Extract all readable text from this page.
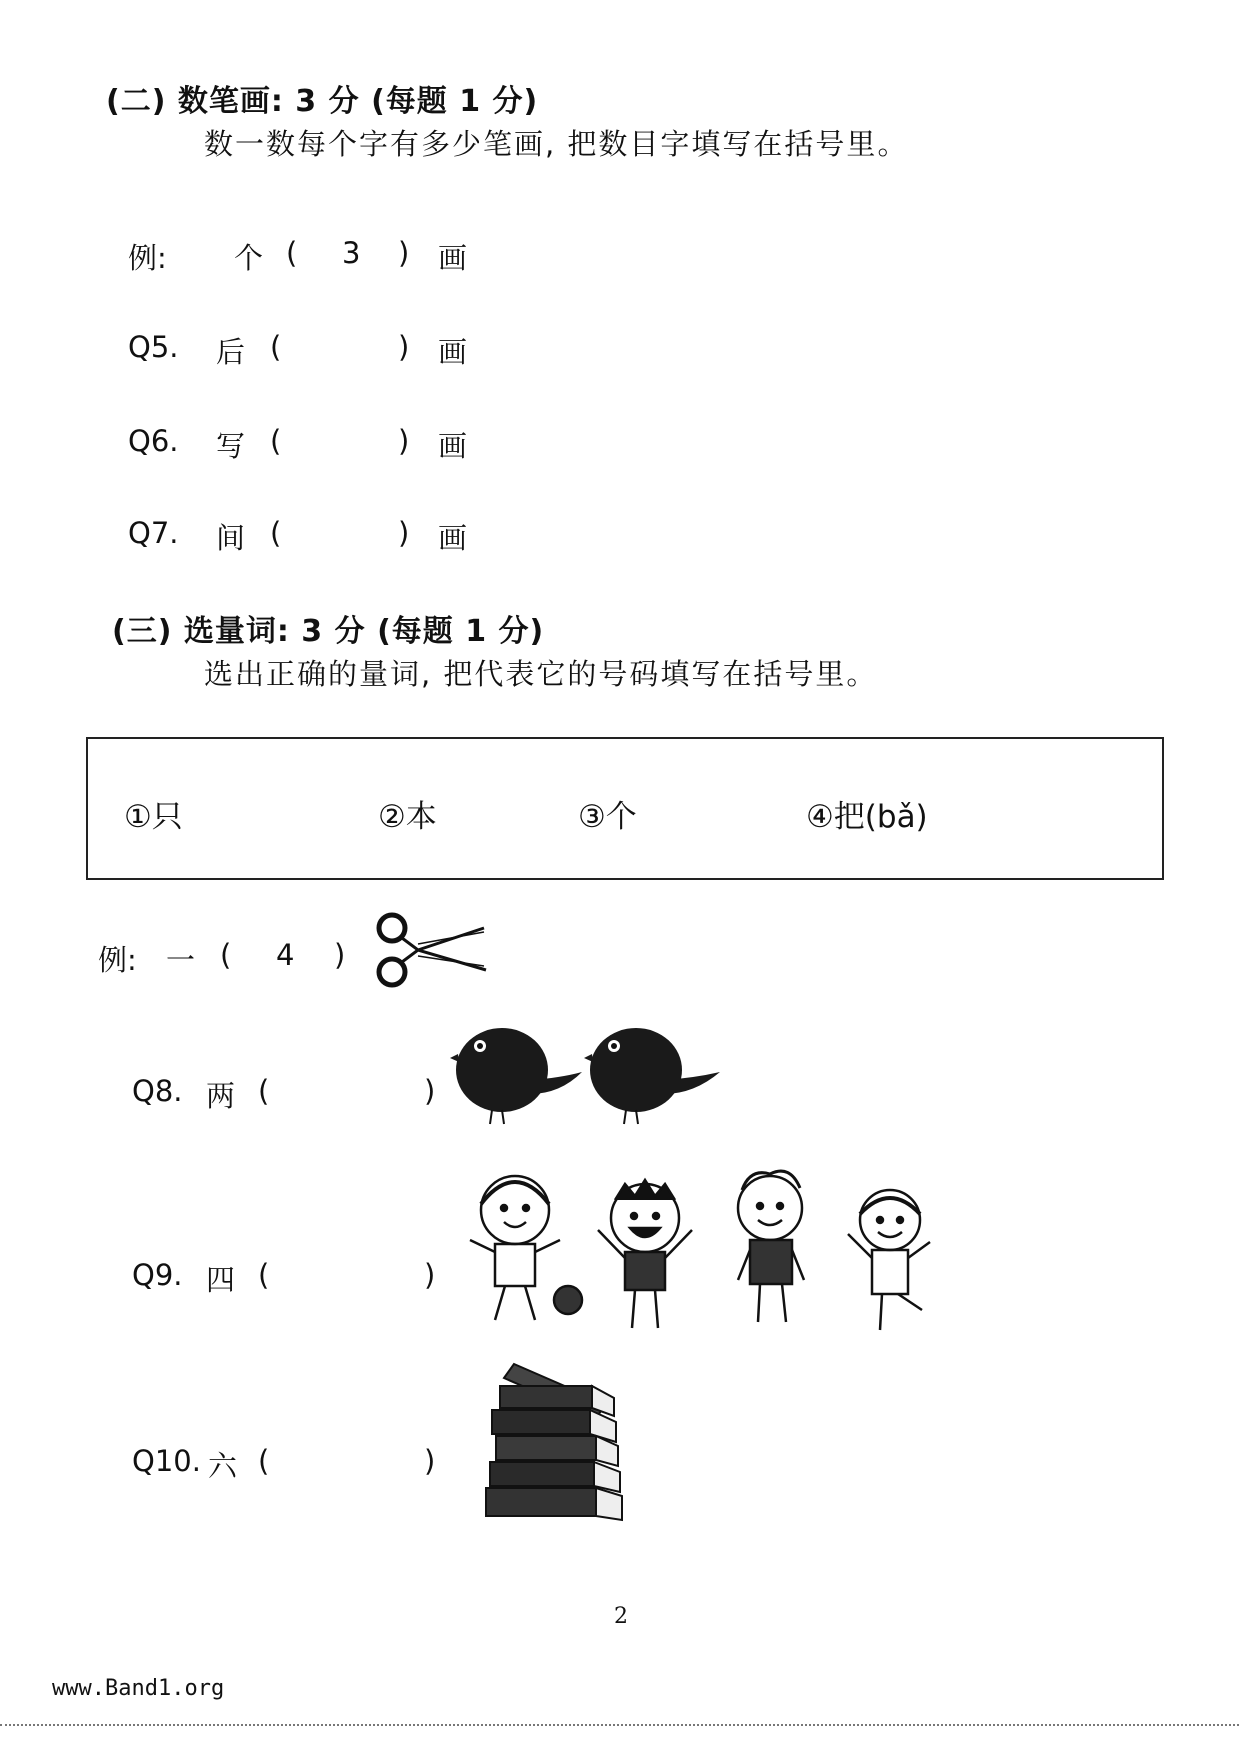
(二) 数笔画: 3 分 (每题 1 分)
数一数每个字有多少笔画, 把数目字填写在括号里。
例: 个 ( 3 ) 画
Q5. 后 (	) 画
Q6. 写 (	) 画
Q7. 间 (	) 画
(三) 选量词: 3 分 (每题 1 分)
选出正确的量词, 把代表它的号码填写在括号里。
①只	②本	③个	④把(bǎ)
例: 一 ( 4 )
Q8. 两 (	)
Q9. 四 (	)
Q10. 六 (	)
2
www.Band1.org
